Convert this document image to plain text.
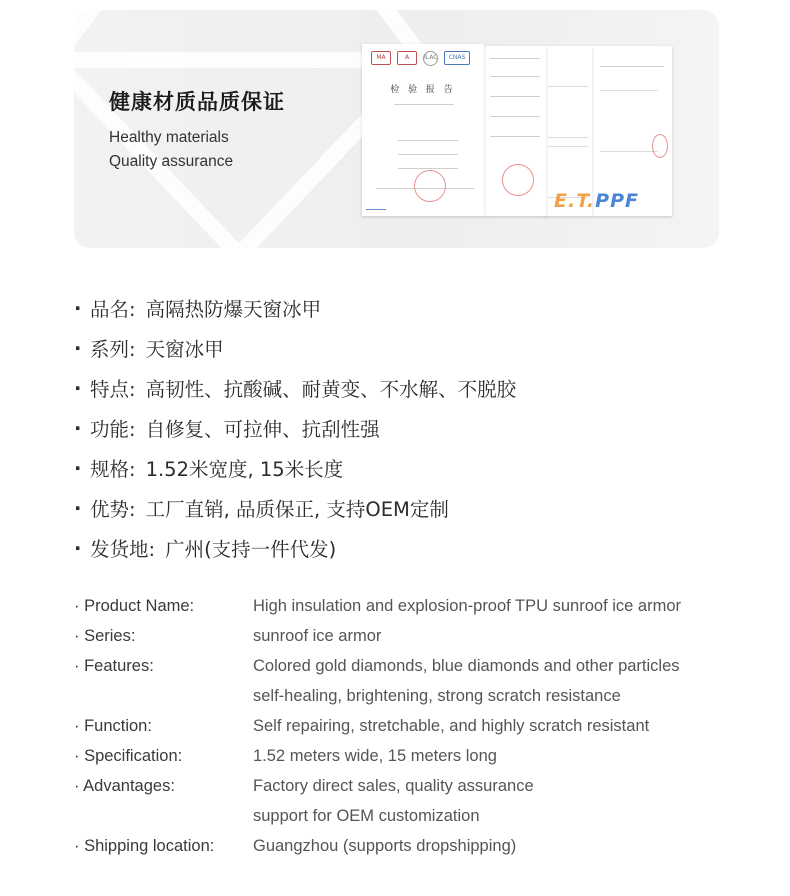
健康材质品质保证
Healthy materials
Quality assurance
MA	A	ILAC	CNAS
检 验 报 告
E.T.PPF
· 品名: 高隔热防爆天窗冰甲
· 系列: 天窗冰甲
· 特点: 高韧性、抗酸碱、耐黄变、不水解、不脱胶
· 功能: 自修复、可拉伸、抗刮性强
· 规格: 1.52米宽度, 15米长度
· 优势: 工厂直销, 品质保正, 支持OEM定制
· 发货地: 广州(支持一件代发)
· Product Name:	High insulation and explosion-proof TPU sunroof ice armor
· Series:	sunroof ice armor
· Features:	Colored gold diamonds, blue diamonds and other particles
self-healing, brightening, strong scratch resistance
· Function:	Self repairing, stretchable, and highly scratch resistant
· Specification:	1.52 meters wide, 15 meters long
· Advantages:	Factory direct sales, quality assurance
support for OEM customization
· Shipping location:	Guangzhou (supports dropshipping)
